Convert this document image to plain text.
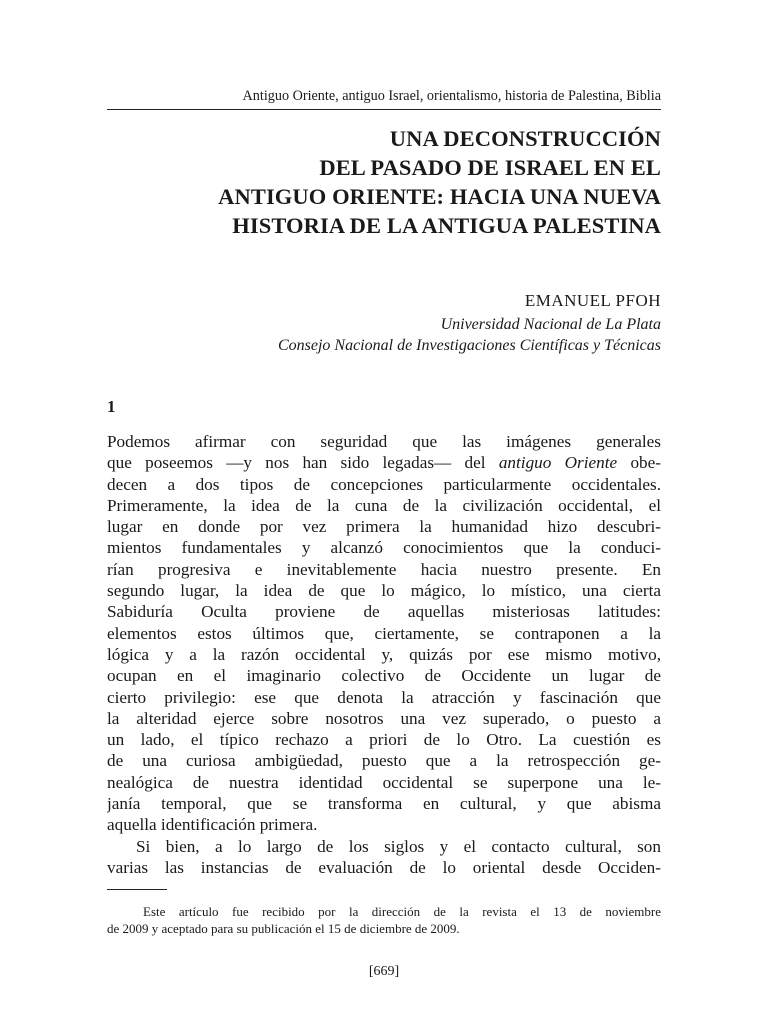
Antiguo Oriente, antiguo Israel, orientalismo, historia de Palestina, Biblia
UNA DECONSTRUCCIÓN
DEL PASADO DE ISRAEL EN EL
ANTIGUO ORIENTE: HACIA UNA NUEVA
HISTORIA DE LA ANTIGUA PALESTINA
EMANUEL PFOH
Universidad Nacional de La Plata
Consejo Nacional de Investigaciones Científicas y Técnicas
1
Podemos afirmar con seguridad que las imágenes generales
que poseemos —y nos han sido legadas— del antiguo Oriente obe-
decen a dos tipos de concepciones particularmente occidentales.
Primeramente, la idea de la cuna de la civilización occidental, el
lugar en donde por vez primera la humanidad hizo descubri-
mientos fundamentales y alcanzó conocimientos que la conduci-
rían progresiva e inevitablemente hacia nuestro presente. En
segundo lugar, la idea de que lo mágico, lo místico, una cierta
Sabiduría Oculta proviene de aquellas misteriosas latitudes:
elementos estos últimos que, ciertamente, se contraponen a la
lógica y a la razón occidental y, quizás por ese mismo motivo,
ocupan en el imaginario colectivo de Occidente un lugar de
cierto privilegio: ese que denota la atracción y fascinación que
la alteridad ejerce sobre nosotros una vez superado, o puesto a
un lado, el típico rechazo a priori de lo Otro. La cuestión es
de una curiosa ambigüedad, puesto que a la retrospección ge-
nealógica de nuestra identidad occidental se superpone una le-
janía temporal, que se transforma en cultural, y que abisma
aquella identificación primera.
Si bien, a lo largo de los siglos y el contacto cultural, son
varias las instancias de evaluación de lo oriental desde Occiden-
Este artículo fue recibido por la dirección de la revista el 13 de noviembre
de 2009 y aceptado para su publicación el 15 de diciembre de 2009.
[669]
